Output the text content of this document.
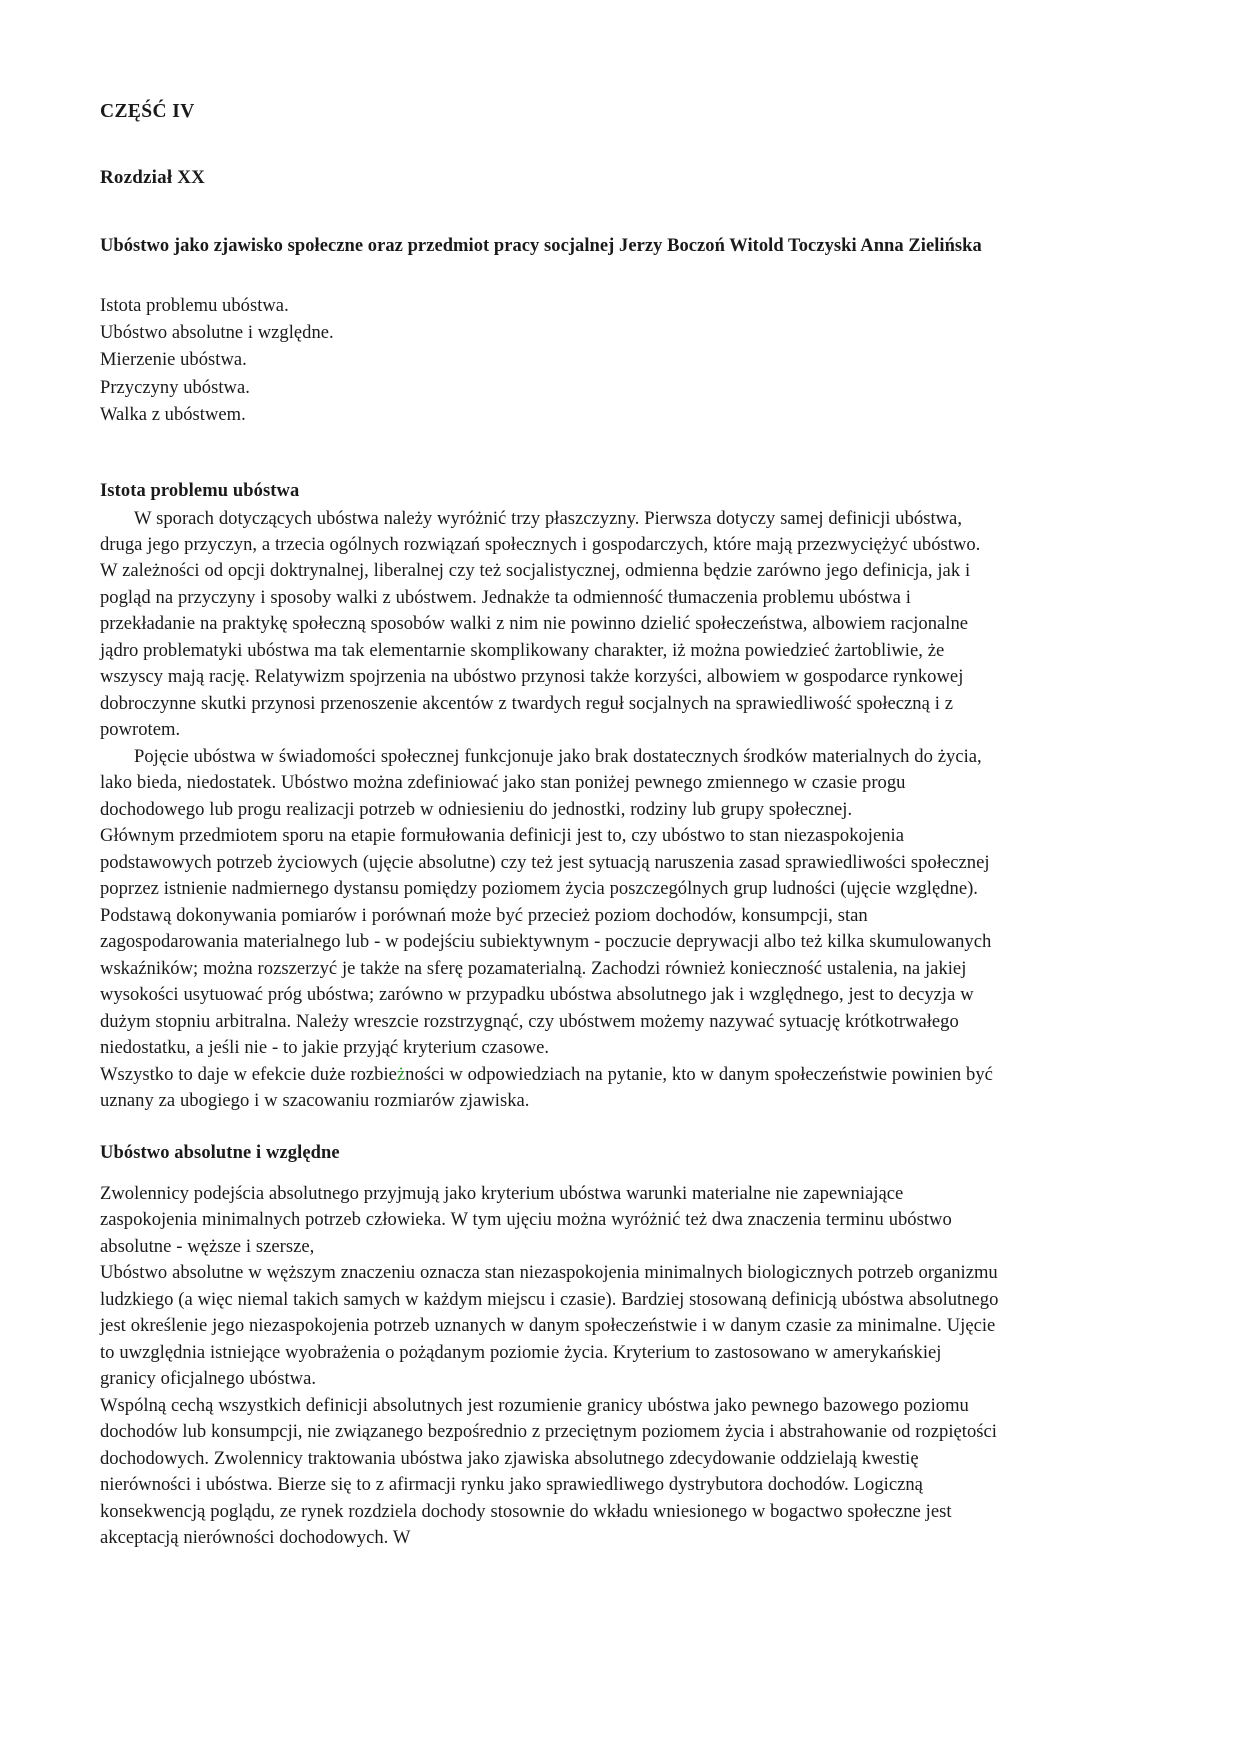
CZĘŚĆ IV
Rozdział XX
Ubóstwo jako zjawisko społeczne oraz przedmiot pracy socjalnej Jerzy Boczoń Witold Toczyski Anna Zielińska
Istota problemu ubóstwa.
Ubóstwo absolutne i względne.
Mierzenie ubóstwa.
Przyczyny ubóstwa.
Walka z ubóstwem.
Istota problemu ubóstwa

W sporach dotyczących ubóstwa należy wyróżnić trzy płaszczyzny. Pierwsza dotyczy samej definicji ubóstwa, druga jego przyczyn, a trzecia ogólnych rozwiązań społecznych i gospodarczych, które mają przezwyciężyć ubóstwo. W zależności od opcji doktrynalnej, liberalnej czy też socjalistycznej, odmienna będzie zarówno jego definicja, jak i pogląd na przyczyny i sposoby walki z ubóstwem. Jednakże ta odmienność tłumaczenia problemu ubóstwa i przekładanie na praktykę społeczną sposobów walki z nim nie powinno dzielić społeczeństwa, albowiem racjonalne jądro problematyki ubóstwa ma tak elementarnie skomplikowany charakter, iż można powiedzieć żartobliwie, że wszyscy mają rację. Relatywizm spojrzenia na ubóstwo przynosi także korzyści, albowiem w gospodarce rynkowej dobroczynne skutki przynosi przenoszenie akcentów z twardych reguł socjalnych na sprawiedliwość społeczną i z powrotem.

Pojęcie ubóstwa w świadomości społecznej funkcjonuje jako brak dostatecznych środków materialnych do życia, lako bieda, niedostatek. Ubóstwo można zdefiniować jako stan poniżej pewnego zmiennego w czasie progu dochodowego lub progu realizacji potrzeb w odniesieniu do jednostki, rodziny lub grupy społecznej.

Głównym przedmiotem sporu na etapie formułowania definicji jest to, czy ubóstwo to stan niezaspokojenia podstawowych potrzeb życiowych (ujęcie absolutne) czy też jest sytuacją naruszenia zasad sprawiedliwości społecznej poprzez istnienie nadmiernego dystansu pomiędzy poziomem życia poszczególnych grup ludności (ujęcie względne).

Podstawą dokonywania pomiarów i porównań może być przecież poziom dochodów, konsumpcji, stan zagospodarowania materialnego lub - w podejściu subiektywnym - poczucie deprywacji albo też kilka skumulowanych wskaźników; można rozszerzyć je także na sferę pozamaterialną. Zachodzi również konieczność ustalenia, na jakiej wysokości usytuować próg ubóstwa; zarówno w przypadku ubóstwa absolutnego jak i względnego, jest to decyzja w dużym stopniu arbitralna. Należy wreszcie rozstrzygnąć, czy ubóstwem możemy nazywać sytuację krótkotrwałego niedostatku, a jeśli nie - to jakie przyjąć kryterium czasowe.

Wszystko to daje w efekcie duże rozbieżności w odpowiedziach na pytanie, kto w danym społeczeństwie powinien być uznany za ubogiego i w szacowaniu rozmiarów zjawiska.

Ubóstwo absolutne i względne

Zwolennicy podejścia absolutnego przyjmują jako kryterium ubóstwa warunki materialne nie zapewniające zaspokojenia minimalnych potrzeb człowieka. W tym ujęciu można wyróżnić też dwa znaczenia terminu ubóstwo absolutne - węższe i szersze,

Ubóstwo absolutne w węższym znaczeniu oznacza stan niezaspokojenia minimalnych biologicznych potrzeb organizmu ludzkiego (a więc niemal takich samych w każdym miejscu i czasie). Bardziej stosowaną definicją ubóstwa absolutnego jest określenie jego niezaspokojenia potrzeb uznanych w danym społeczeństwie i w danym czasie za minimalne. Ujęcie to uwzględnia istniejące wyobrażenia o pożądanym poziomie życia. Kryterium to zastosowano w amerykańskiej granicy oficjalnego ubóstwa.

Wspólną cechą wszystkich definicji absolutnych jest rozumienie granicy ubóstwa jako pewnego bazowego poziomu dochodów lub konsumpcji, nie związanego bezpośrednio z przeciętnym poziomem życia i abstrahowanie od rozpiętości dochodowych. Zwolennicy traktowania ubóstwa jako zjawiska absolutnego zdecydowanie oddzielają kwestię nierówności i ubóstwa. Bierze się to z afirmacji rynku jako sprawiedliwego dystrybutora dochodów. Logiczną konsekwencją poglądu, ze rynek rozdziela dochody stosownie do wkładu wniesionego w bogactwo społeczne jest akceptacją nierówności dochodowych. W
